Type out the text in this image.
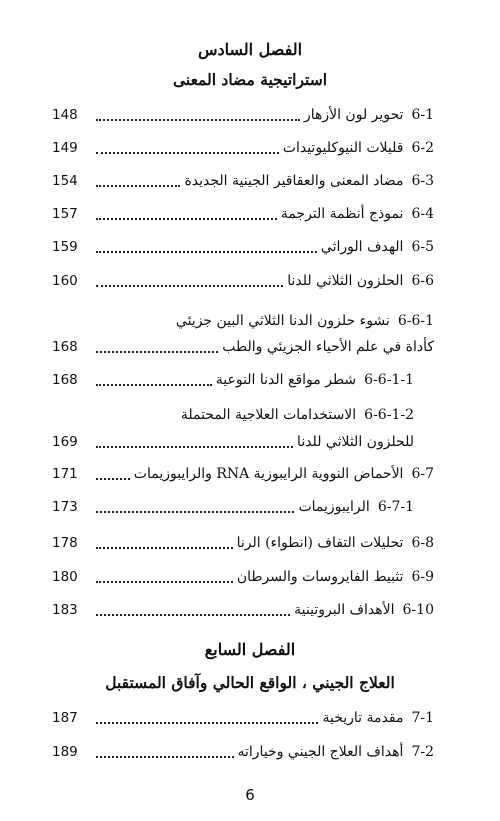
الفصل السادس
استراتيجية مضاد المعنى
6-1
تحوير لون الأزهار
148
6-2
قليلات النيوكليوتيدات
149
6-3
مضاد المعنى والعقاقير الجينية الجديدة
154
6-4
نموذج أنظمة الترجمة
157
6-5
الهدف الوراثي
159
6-6
الحلزون الثلاثي للدنا
160
6-6-1
نشوء حلزون الدنا الثلاثي البين جزيئي
كأداة في علم الأحياء الجزيئي والطب
168
6-6-1-1
شطر مواقع الدنا النوعية
168
6-6-1-2
الاستخدامات العلاجية المحتملة
للحلزون الثلاثي للدنا
169
6-7
الأحماض النووية الرايبوزية RNA والرايبوزيمات
171
6-7-1
الرايبوزيمات
173
6-8
تحليلات التفاف (انطواء) الرنا
178
6-9
تثبيط الفايروسات والسرطان
180
6-10
الأهداف البروتينية
183
الفصل السابع
العلاج الجيني ، الواقع الحالي وآفاق المستقبل
7-1
مقدمة تاريخية
187
7-2
أهداف العلاج الجيني وخياراته
189
6
